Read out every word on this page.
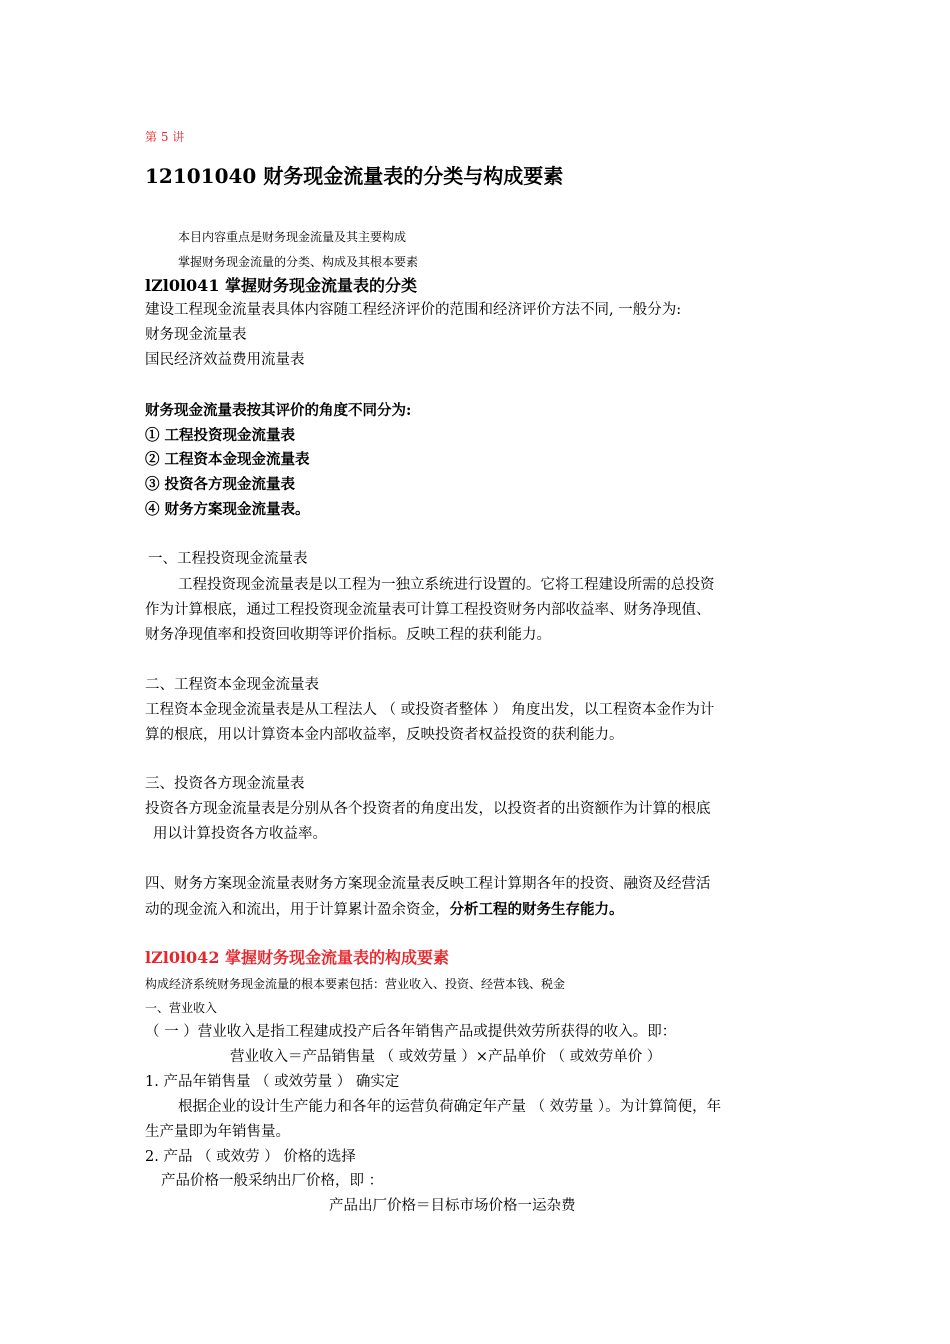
第 5 讲
12101040 财务现金流量表的分类与构成要素
本目内容重点是财务现金流量及其主要构成
掌握财务现金流量的分类、构成及其根本要素
lZl0l041 掌握财务现金流量表的分类
建设工程现金流量表具体内容随工程经济评价的范围和经济评价方法不同, 一般分为:
财务现金流量表
国民经济效益费用流量表
财务现金流量表按其评价的角度不同分为:
① 工程投资现金流量表
② 工程资本金现金流量表
③ 投资各方现金流量表
④ 财务方案现金流量表。
一、工程投资现金流量表
工程投资现金流量表是以工程为一独立系统进行设置的。它将工程建设所需的总投资
作为计算根底，通过工程投资现金流量表可计算工程投资财务内部收益率、财务净现值、
财务净现值率和投资回收期等评价指标。反映工程的获利能力。
二、工程资本金现金流量表
工程资本金现金流量表是从工程法人 （ 或投资者整体 ） 角度出发，以工程资本金作为计
算的根底，用以计算资本金内部收益率，反映投资者权益投资的获利能力。
三、投资各方现金流量表
投资各方现金流量表是分别从各个投资者的角度出发，以投资者的出资额作为计算的根底
用以计算投资各方收益率。
四、财务方案现金流量表财务方案现金流量表反映工程计算期各年的投资、融资及经营活
动的现金流入和流出，用于计算累计盈余资金，分析工程的财务生存能力。
lZl0l042 掌握财务现金流量表的构成要素
构成经济系统财务现金流量的根本要素包括：营业收入、投资、经营本钱、税金
一、营业收入
（ 一 ）营业收入是指工程建成投产后各年销售产品或提供效劳所获得的收入。即：
营业收入＝产品销售量 （ 或效劳量 ）×产品单价 （ 或效劳单价 ）
1. 产品年销售量 （ 或效劳量 ） 确实定
根据企业的设计生产能力和各年的运营负荷确定年产量 （ 效劳量 ）。为计算简便，年
生产量即为年销售量。
2. 产品 （ 或效劳 ） 价格的选择
产品价格一般采纳出厂价格，即 ：
产品出厂价格＝目标市场价格一运杂费
